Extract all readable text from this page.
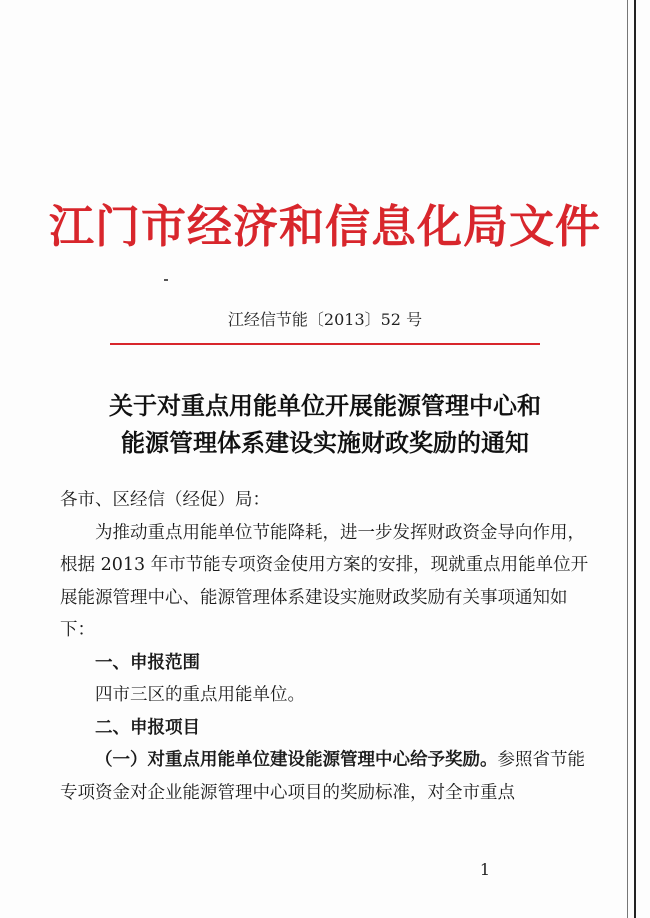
江门市经济和信息化局文件
江经信节能〔2013〕52 号
关于对重点用能单位开展能源管理中心和
能源管理体系建设实施财政奖励的通知

各市、区经信（经促）局：

为推动重点用能单位节能降耗，进一步发挥财政资金导向作用，根据 2013 年市节能专项资金使用方案的安排，现就重点用能单位开展能源管理中心、能源管理体系建设实施财政奖励有关事项通知如下：

一、申报范围

四市三区的重点用能单位。

二、申报项目

（一）对重点用能单位建设能源管理中心给予奖励。参照省节能专项资金对企业能源管理中心项目的奖励标准，对全市重点

1
